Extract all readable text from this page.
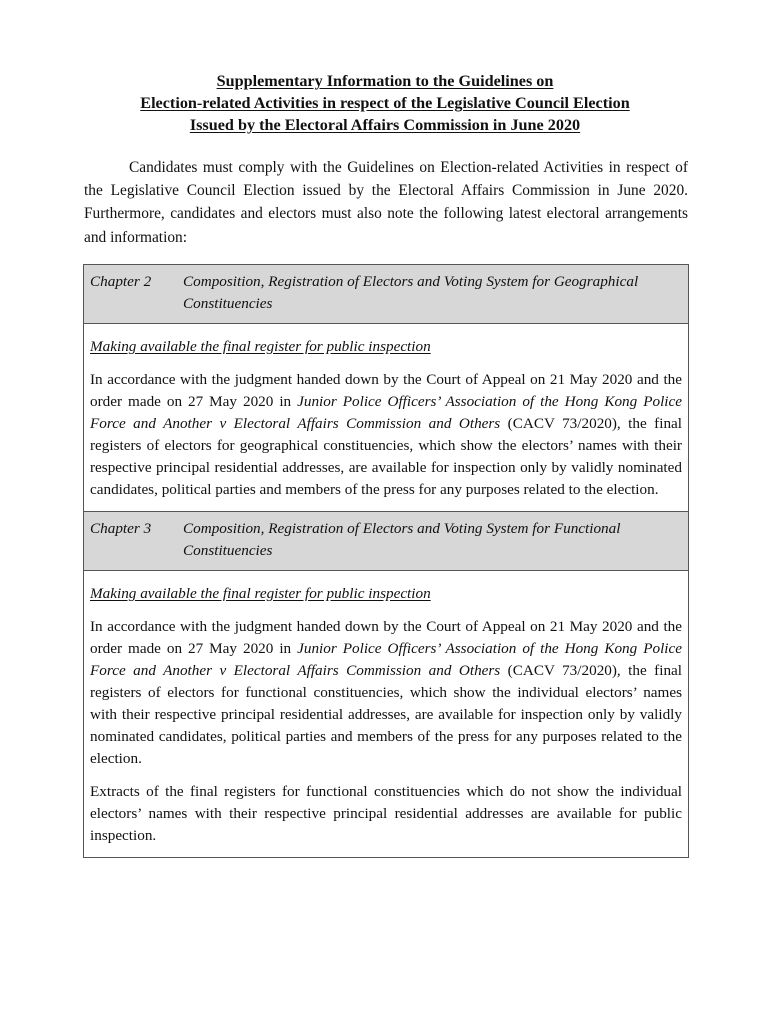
Supplementary Information to the Guidelines on
Election-related Activities in respect of the Legislative Council Election
Issued by the Electoral Affairs Commission in June 2020

Candidates must comply with the Guidelines on Election-related Activities in respect of the Legislative Council Election issued by the Electoral Affairs Commission in June 2020. Furthermore, candidates and electors must also note the following latest electoral arrangements and information:

Chapter 2	Composition, Registration of Electors and Voting System for Geographical Constituencies

Making available the final register for public inspection

In accordance with the judgment handed down by the Court of Appeal on 21 May 2020 and the order made on 27 May 2020 in Junior Police Officers’ Association of the Hong Kong Police Force and Another v Electoral Affairs Commission and Others (CACV 73/2020), the final registers of electors for geographical constituencies, which show the electors’ names with their respective principal residential addresses, are available for inspection only by validly nominated candidates, political parties and members of the press for any purposes related to the election.

Chapter 3	Composition, Registration of Electors and Voting System for Functional Constituencies

Making available the final register for public inspection

In accordance with the judgment handed down by the Court of Appeal on 21 May 2020 and the order made on 27 May 2020 in Junior Police Officers’ Association of the Hong Kong Police Force and Another v Electoral Affairs Commission and Others (CACV 73/2020), the final registers of electors for functional constituencies, which show the individual electors’ names with their respective principal residential addresses, are available for inspection only by validly nominated candidates, political parties and members of the press for any purposes related to the election.

Extracts of the final registers for functional constituencies which do not show the individual electors’ names with their respective principal residential addresses are available for public inspection.
